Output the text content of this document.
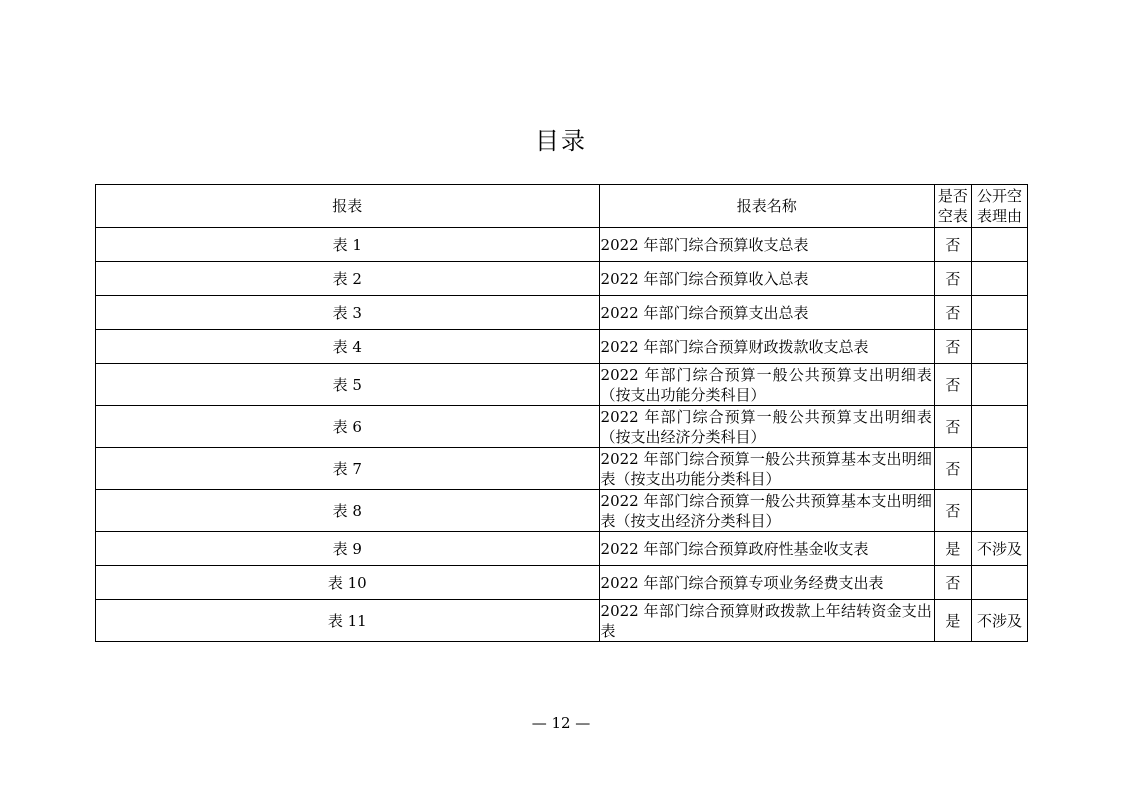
目录
报表	报表名称	是否空表	公开空表理由
表 1	2022 年部门综合预算收支总表	否	
表 2	2022 年部门综合预算收入总表	否	
表 3	2022 年部门综合预算支出总表	否	
表 4	2022 年部门综合预算财政拨款收支总表	否	
表 5	2022 年部门综合预算一般公共预算支出明细表（按支出功能分类科目）	否	
表 6	2022 年部门综合预算一般公共预算支出明细表（按支出经济分类科目）	否	
表 7	2022 年部门综合预算一般公共预算基本支出明细表（按支出功能分类科目）	否	
表 8	2022 年部门综合预算一般公共预算基本支出明细表（按支出经济分类科目）	否	
表 9	2022 年部门综合预算政府性基金收支表	是	不涉及
表 10	2022 年部门综合预算专项业务经费支出表	否	
表 11	2022 年部门综合预算财政拨款上年结转资金支出表	是	不涉及
— 12 —
